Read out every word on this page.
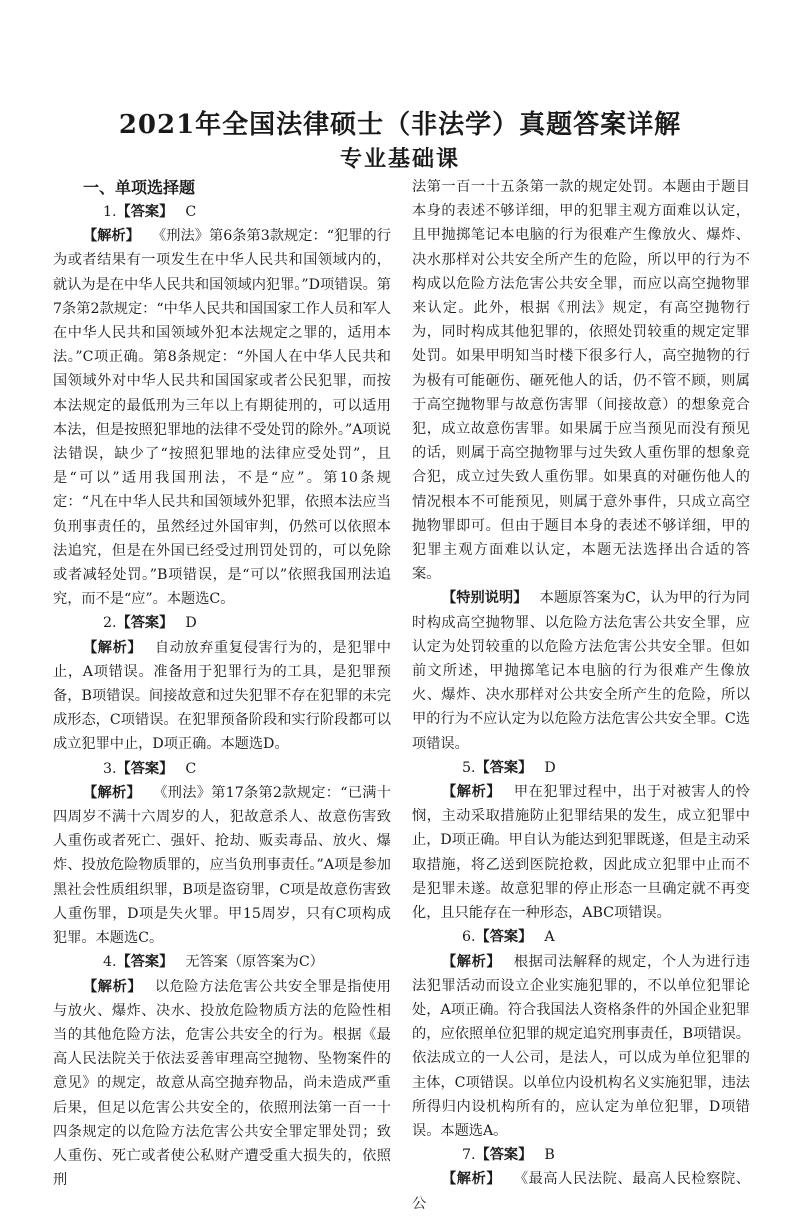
2021年全国法律硕士（非法学）真题答案详解
专业基础课
一、单项选择题
1.【答案】 C

【解析】 《刑法》第6条第3款规定：“犯罪的行为或者结果有一项发生在中华人民共和国领域内的，就认为是在中华人民共和国领域内犯罪。”D项错误。第7条第2款规定：“中华人民共和国国家工作人员和军人在中华人民共和国领域外犯本法规定之罪的，适用本法。”C项正确。第8条规定：“外国人在中华人民共和国领域外对中华人民共和国国家或者公民犯罪，而按本法规定的最低刑为三年以上有期徒刑的，可以适用本法，但是按照犯罪地的法律不受处罚的除外。”A项说法错误，缺少了“按照犯罪地的法律应受处罚”，且是“可以”适用我国刑法，不是“应”。第10条规定：“凡在中华人民共和国领域外犯罪，依照本法应当负刑事责任的，虽然经过外国审判，仍然可以依照本法追究，但是在外国已经受过刑罚处罚的，可以免除或者减轻处罚。”B项错误，是“可以”依照我国刑法追究，而不是“应”。本题选C。

2.【答案】 D

【解析】 自动放弃重复侵害行为的，是犯罪中止，A项错误。准备用于犯罪行为的工具，是犯罪预备，B项错误。间接故意和过失犯罪不存在犯罪的未完成形态，C项错误。在犯罪预备阶段和实行阶段都可以成立犯罪中止，D项正确。本题选D。

3.【答案】 C

【解析】 《刑法》第17条第2款规定：“已满十四周岁不满十六周岁的人，犯故意杀人、故意伤害致人重伤或者死亡、强奸、抢劫、贩卖毒品、放火、爆炸、投放危险物质罪的，应当负刑事责任。”A项是参加黑社会性质组织罪，B项是盗窃罪，C项是故意伤害致人重伤罪，D项是失火罪。甲15周岁，只有C项构成犯罪。本题选C。

4.【答案】 无答案（原答案为C）

【解析】 以危险方法危害公共安全罪是指使用与放火、爆炸、决水、投放危险物质方法的危险性相当的其他危险方法，危害公共安全的行为。根据《最高人民法院关于依法妥善审理高空抛物、坠物案件的意见》的规定，故意从高空抛弃物品，尚未造成严重后果，但足以危害公共安全的，依照刑法第一百一十四条规定的以危险方法危害公共安全罪定罪处罚；致人重伤、死亡或者使公私财产遭受重大损失的，依照刑

法第一百一十五条第一款的规定处罚。本题由于题目本身的表述不够详细，甲的犯罪主观方面难以认定，且甲抛掷笔记本电脑的行为很难产生像放火、爆炸、决水那样对公共安全所产生的危险，所以甲的行为不构成以危险方法危害公共安全罪，而应以高空抛物罪来认定。此外，根据《刑法》规定，有高空抛物行为，同时构成其他犯罪的，依照处罚较重的规定定罪处罚。如果甲明知当时楼下很多行人，高空抛物的行为极有可能砸伤、砸死他人的话，仍不管不顾，则属于高空抛物罪与故意伤害罪（间接故意）的想象竞合犯，成立故意伤害罪。如果属于应当预见而没有预见的话，则属于高空抛物罪与过失致人重伤罪的想象竞合犯，成立过失致人重伤罪。如果真的对砸伤他人的情况根本不可能预见，则属于意外事件，只成立高空抛物罪即可。但由于题目本身的表述不够详细，甲的犯罪主观方面难以认定，本题无法选择出合适的答案。

【特别说明】 本题原答案为C，认为甲的行为同时构成高空抛物罪、以危险方法危害公共安全罪，应认定为处罚较重的以危险方法危害公共安全罪。但如前文所述，甲抛掷笔记本电脑的行为很难产生像放火、爆炸、决水那样对公共安全所产生的危险，所以甲的行为不应认定为以危险方法危害公共安全罪。C选项错误。

5.【答案】 D

【解析】 甲在犯罪过程中，出于对被害人的怜悯，主动采取措施防止犯罪结果的发生，成立犯罪中止，D项正确。甲自认为能达到犯罪既遂，但是主动采取措施，将乙送到医院抢救，因此成立犯罪中止而不是犯罪未遂。故意犯罪的停止形态一旦确定就不再变化，且只能存在一种形态，ABC项错误。

6.【答案】 A

【解析】 根据司法解释的规定，个人为进行违法犯罪活动而设立企业实施犯罪的，不以单位犯罪论处，A项正确。符合我国法人资格条件的外国企业犯罪的，应依照单位犯罪的规定追究刑事责任，B项错误。依法成立的一人公司，是法人，可以成为单位犯罪的主体，C项错误。以单位内设机构名义实施犯罪，违法所得归内设机构所有的，应认定为单位犯罪，D项错误。本题选A。

7.【答案】 B

【解析】 《最高人民法院、最高人民检察院、公
